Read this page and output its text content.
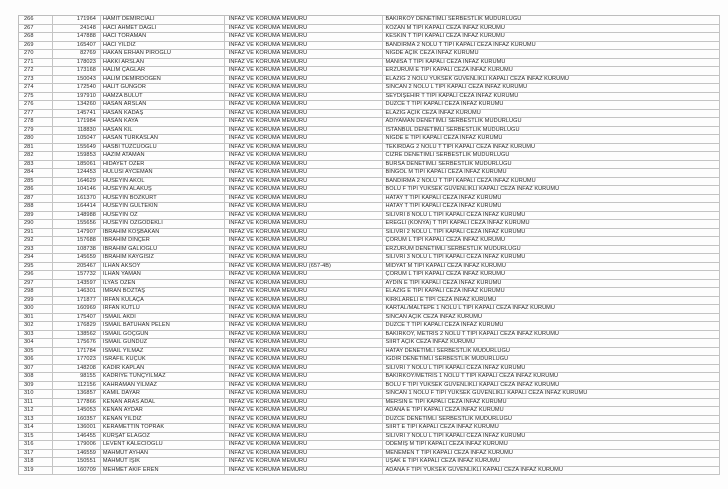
266	171964	HAMİT DEMİRCİALI	İNFAZ VE KORUMA MEMURU	BAKIRKÖY DENETİMLİ SERBESTLİK MÜDÜRLÜĞÜ
267	24148	HACI AHMET DAĞLI	İNFAZ VE KORUMA MEMURU	KOZAN M TİPİ KAPALI CEZA İNFAZ KURUMU
268	147888	HACI TORAMAN	İNFAZ VE KORUMA MEMURU	KESKİN T TİPİ KAPALI CEZA İNFAZ KURUMU
269	165407	HACI YILDIZ	İNFAZ VE KORUMA MEMURU	BANDIRMA 2 NOLU T TİPİ KAPALI CEZA İNFAZ KURUMU
270	82769	HAKAN ERHAN PİROĞLU	İNFAZ VE KORUMA MEMURU	NİĞDE AÇIK CEZA İNFAZ KURUMU
271	178023	HAKKI ARSLAN	İNFAZ VE KORUMA MEMURU	MANİSA T TİPİ KAPALI CEZA İNFAZ KURUMU
272	173168	HALİM ÇAĞLAR	İNFAZ VE KORUMA MEMURU	ERZURUM E TİPİ KAPALI CEZA İNFAZ KURUMU
273	150043	HALİM DEMİRDOĞEN	İNFAZ VE KORUMA MEMURU	ELAZIĞ 2 NOLU YÜKSEK GÜVENLİKLİ KAPALI CEZA İNFAZ KURUMU
274	172540	HALİT GÜNGÖR	İNFAZ VE KORUMA MEMURU	SİNCAN 2 NOLU L TİPİ KAPALI CEZA İNFAZ KURUMU
275	197910	HAMZA BULUT	İNFAZ VE KORUMA MEMURU	SEYDİŞEHİR T TİPİ KAPALI CEZA İNFAZ KURUMU
276	134260	HASAN ARSLAN	İNFAZ VE KORUMA MEMURU	DÜZCE T TİPİ KAPALI CEZA İNFAZ KURUMU
277	145741	HASAN KADAŞ	İNFAZ VE KORUMA MEMURU	ELAZIĞ AÇIK CEZA İNFAZ KURUMU
278	171984	HASAN KAYA	İNFAZ VE KORUMA MEMURU	ADIYAMAN DENETİMLİ SERBESTLİK MÜDÜRLÜĞÜ
279	118830	HASAN KIL	İNFAZ VE KORUMA MEMURU	İSTANBUL DENETİMLİ SERBESTLİK MÜDÜRLÜĞÜ
280	105047	HASAN TÜRKASLAN	İNFAZ VE KORUMA MEMURU	NİĞDE E TİPİ KAPALI CEZA İNFAZ KURUMU
281	155649	HASBİ TUZCUOĞLU	İNFAZ VE KORUMA MEMURU	TEKİRDAĞ 2 NOLU T TİPİ KAPALI CEZA İNFAZ KURUMU
282	159853	HAZIM ATAMAN	İNFAZ VE KORUMA MEMURU	CİZRE DENETİMLİ SERBESTLİK MÜDÜRLÜĞÜ
283	185061	HİDAYET ÖZER	İNFAZ VE KORUMA MEMURU	BURSA DENETİMLİ SERBESTLİK MÜDÜRLÜĞÜ
284	124453	HULUSİ AYCEMAN	İNFAZ VE KORUMA MEMURU	BİNGÖL M TİPİ KAPALI CEZA İNFAZ KURUMU
285	164629	HÜSEYİN AKOL	İNFAZ VE KORUMA MEMURU	BANDIRMA 2 NOLU T TİPİ KAPALI CEZA İNFAZ KURUMU
286	104146	HÜSEYİN ALAKUŞ	İNFAZ VE KORUMA MEMURU	BOLU F TİPİ YÜKSEK GÜVENLİKLİ KAPALI CEZA İNFAZ KURUMU
287	161370	HÜSEYİN BOZKURT	İNFAZ VE KORUMA MEMURU	HATAY T TİPİ KAPALI CEZA İNFAZ KURUMU
288	164414	HÜSEYİN GÜLTEKİN	İNFAZ VE KORUMA MEMURU	HATAY T TİPİ KAPALI CEZA İNFAZ KURUMU
289	148988	HÜSEYİN ÖZ	İNFAZ VE KORUMA MEMURU	SİLİVRİ 8 NOLU L TİPİ KAPALI CEZA İNFAZ KURUMU
290	155656	HÜSEYİN ÖZGÖDEKLİ	İNFAZ VE KORUMA MEMURU	EREĞLİ (KONYA) T TİPİ KAPALI CEZA İNFAZ KURUMU
291	147907	İBRAHİM KOŞBAKAN	İNFAZ VE KORUMA MEMURU	SİLİVRİ 2 NOLU L TİPİ KAPALI CEZA İNFAZ KURUMU
292	157688	İBRAHİM DİNÇER	İNFAZ VE KORUMA MEMURU	ÇORUM L TİPİ KAPALI CEZA İNFAZ KURUMU
293	108738	İBRAHİM GALİOĞLU	İNFAZ VE KORUMA MEMURU	ERZURUM DENETİMLİ SERBESTLİK MÜDÜRLÜĞÜ
294	145659	İBRAHİM KAYGISIZ	İNFAZ VE KORUMA MEMURU	SİLİVRİ 3 NOLU L TİPİ KAPALI CEZA İNFAZ KURUMU
295	205467	İLHAN AKSOY	İNFAZ VE KORUMA MEMURU (657-4B)	MİDYAT M TİPİ KAPALI CEZA İNFAZ KURUMU
296	157732	İLHAN YAMAN	İNFAZ VE KORUMA MEMURU	ÇORUM L TİPİ KAPALI CEZA İNFAZ KURUMU
297	143597	İLYAS ÖZEN	İNFAZ VE KORUMA MEMURU	AYDIN E TİPİ KAPALI CEZA İNFAZ KURUMU
298	146301	İMRAN BOZTAŞ	İNFAZ VE KORUMA MEMURU	ELAZIĞ E TİPİ KAPALI CEZA İNFAZ KURUMU
299	171877	İRFAN KULAÇA	İNFAZ VE KORUMA MEMURU	KIRKLARELİ E TİPİ CEZA İNFAZ KURUMU
300	160969	İRFAN KUTLU	İNFAZ VE KORUMA MEMURU	KARTAL/MALTEPE 1 NOLU L TİPİ KAPALI CEZA İNFAZ KURUMU
301	175407	İSMAİL AKDİ	İNFAZ VE KORUMA MEMURU	SİNCAN AÇIK CEZA İNFAZ KURUMU
302	176829	İSMAİL BATUHAN PELEN	İNFAZ VE KORUMA MEMURU	DÜZCE T TİPİ KAPALI CEZA İNFAZ KURUMU
303	138562	İSMAİL GÖÇGÜN	İNFAZ VE KORUMA MEMURU	BAKIRKÖY, METRİS 2 NOLU T TİPİ KAPALI CEZA İNFAZ KURUMU
304	175676	İSMAİL GÜNDÜZ	İNFAZ VE KORUMA MEMURU	SİİRT AÇIK CEZA İNFAZ KURUMU
305	171784	İSMAİL YILMAZ	İNFAZ VE KORUMA MEMURU	HATAY DENETİMLİ SERBESTLİK MÜDÜRLÜĞÜ
306	177023	İSRAFİL KÜÇÜK	İNFAZ VE KORUMA MEMURU	IĞDIR DENETİMLİ SERBESTLİK MÜDÜRLÜĞÜ
307	148208	KADİR KAPLAN	İNFAZ VE KORUMA MEMURU	SİLİVRİ 7 NOLU L TİPİ KAPALI CEZA İNFAZ KURUMU
308	98155	KADRİYE TUNÇYILMAZ	İNFAZ VE KORUMA MEMURU	BAKIRKÖY/METRİS 1 NOLU T TİPİ KAPALI CEZA İNFAZ KURUMU
309	112156	KAHRAMAN YILMAZ	İNFAZ VE KORUMA MEMURU	BOLU F TİPİ YÜKSEK GÜVENLİKLİ KAPALI CEZA İNFAZ KURUMU
310	136857	KAMİL DAYAR	İNFAZ VE KORUMA MEMURU	SİNCAN 1 NOLU F TİPİ YÜKSEK GÜVENLİKLİ KAPALI CEZA İNFAZ KURUMU
311	177866	KENAN ARAS ADAL	İNFAZ VE KORUMA MEMURU	MERSİN E TİPİ KAPALI CEZA İNFAZ KURUMU
312	145053	KENAN AYDAR	İNFAZ VE KORUMA MEMURU	ADANA E TİPİ KAPALI CEZA İNFAZ KURUMU
313	160357	KENAN YILDIZ	İNFAZ VE KORUMA MEMURU	DÜZCE DENETİMLİ SERBESTLİK MÜDÜRLÜĞÜ
314	136001	KERAMETTİN TOPRAK	İNFAZ VE KORUMA MEMURU	SİİRT E TİPİ KAPALI CEZA İNFAZ KURUMU
315	146455	KÜRŞAT ELAGÖZ	İNFAZ VE KORUMA MEMURU	SİLİVRİ 7 NOLU L TİPİ KAPALI CEZA İNFAZ KURUMU
316	179006	LEVENT KALECİOĞLU	İNFAZ VE KORUMA MEMURU	ÖDEMİŞ M TİPİ KAPALI CEZA İNFAZ KURUMU
317	146559	MAHMUT AYHAN	İNFAZ VE KORUMA MEMURU	MENEMEN T TİPİ KAPALI CEZA İNFAZ KURUMU
318	150551	MAHMUT IŞIK	İNFAZ VE KORUMA MEMURU	UŞAK E TİPİ KAPALI CEZA İNFAZ KURUMU
319	160709	MEHMET AKİF EREN	İNFAZ VE KORUMA MEMURU	ADANA F TİPİ YÜKSEK GÜVENLİKLİ KAPALI CEZA İNFAZ KURUMU
